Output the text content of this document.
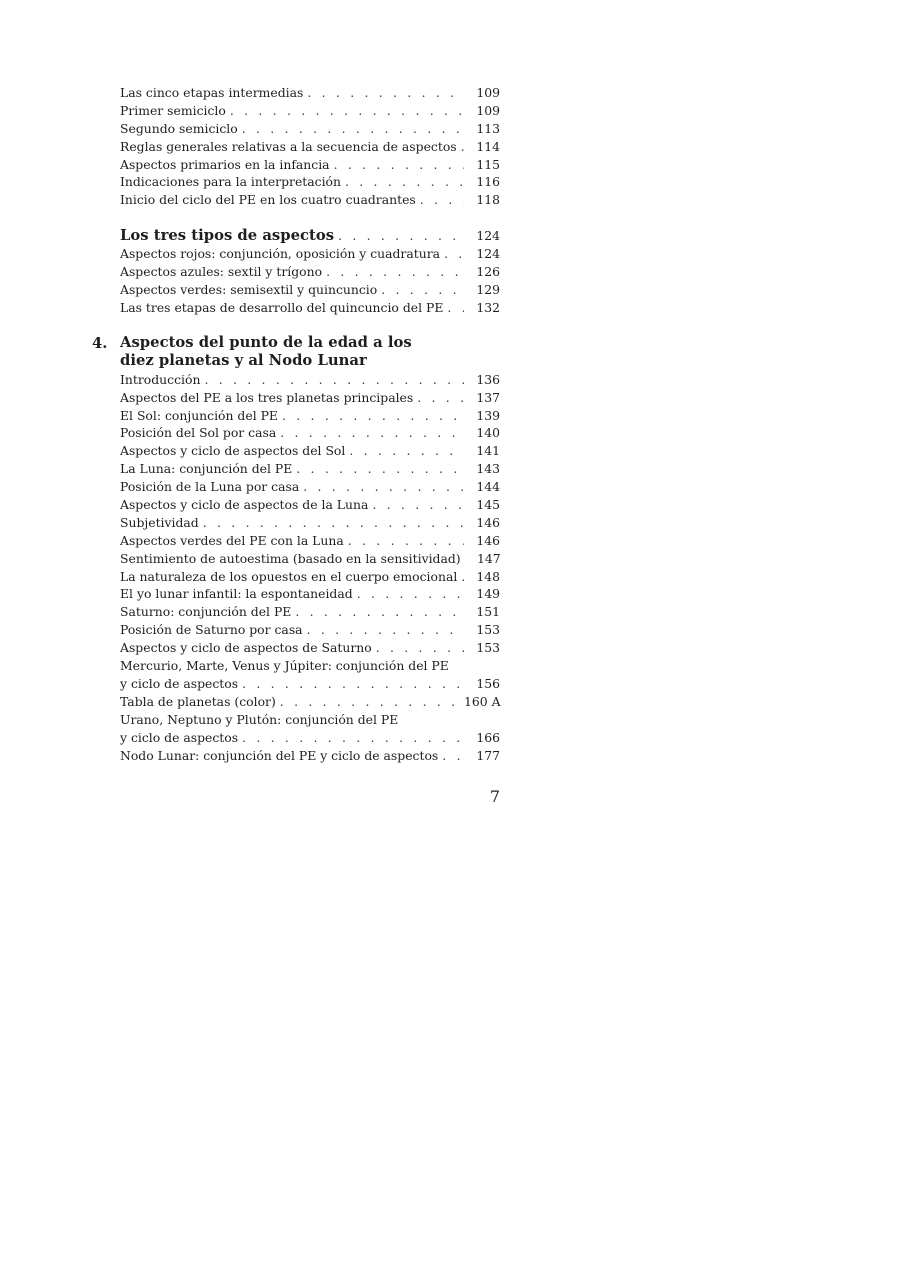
Las cinco etapas intermedias . . .	109
Primer semiciclo . . .	109
Segundo semiciclo . . .	113
Reglas generales relativas a la secuencia de aspectos . . .	114
Aspectos primarios en la infancia . . .	115
Indicaciones para la interpretación . . .	116
Inicio del ciclo del PE en los cuatro cuadrantes . . .	118
Los tres tipos de aspectos . . .	124
Aspectos rojos: conjunción, oposición y cuadratura . . .	124
Aspectos azules: sextil y trígono . . .	126
Aspectos verdes: semisextil y quincuncio . . .	129
Las tres etapas de desarrollo del quincuncio del PE . . .	132
4. Aspectos del punto de la edad a los diez planetas y al Nodo Lunar
Introducción . . .	136
Aspectos del PE a los tres planetas principales . . .	137
El Sol: conjunción del PE . . .	139
Posición del Sol por casa . . .	140
Aspectos y ciclo de aspectos del Sol . . .	141
La Luna: conjunción del PE . . .	143
Posición de la Luna por casa . . .	144
Aspectos y ciclo de aspectos de la Luna . . .	145
Subjetividad . . .	146
Aspectos verdes del PE con la Luna . . .	146
Sentimiento de autoestima (basado en la sensitividad)	147
La naturaleza de los opuestos en el cuerpo emocional . . .	148
El yo lunar infantil: la espontaneidad . . .	149
Saturno: conjunción del PE . . .	151
Posición de Saturno por casa . . .	153
Aspectos y ciclo de aspectos de Saturno . . .	153
Mercurio, Marte, Venus y Júpiter: conjunción del PE
y ciclo de aspectos . . .	156
Tabla de planetas (color) . . .	160 A
Urano, Neptuno y Plutón: conjunción del PE
y ciclo de aspectos . . .	166
Nodo Lunar: conjunción del PE y ciclo de aspectos . . .	177
7
